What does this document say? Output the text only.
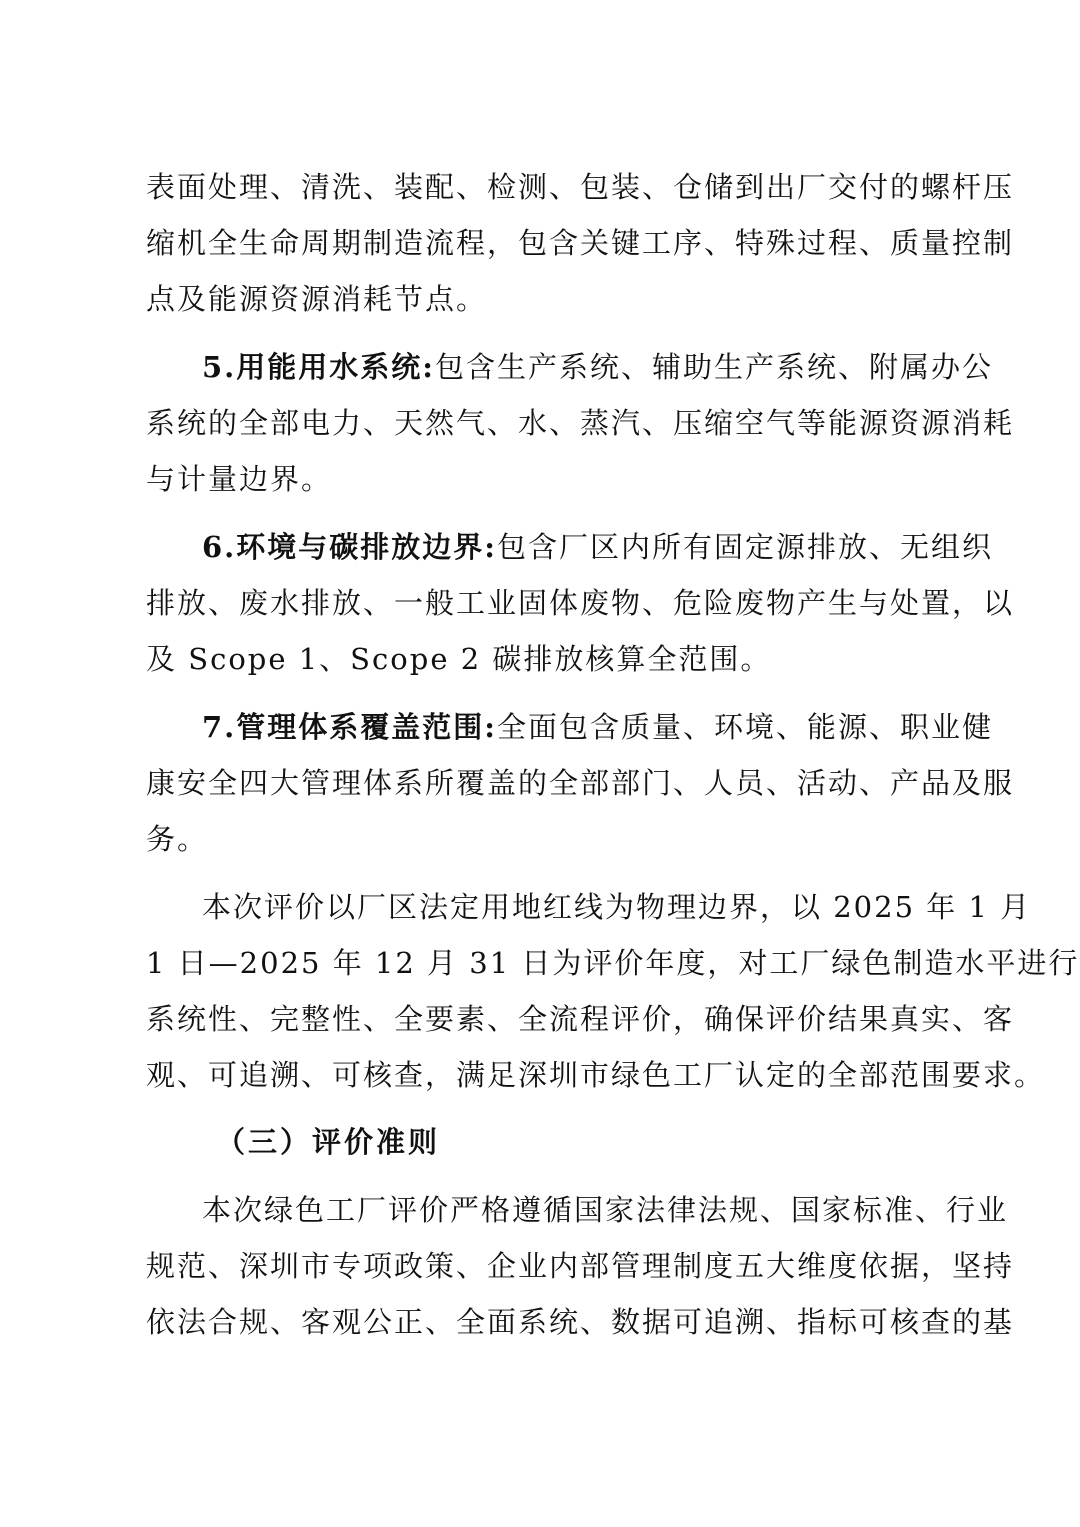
表面处理、清洗、装配、检测、包装、仓储到出厂交付的螺杆压
缩机全生命周期制造流程，包含关键工序、特殊过程、质量控制
点及能源资源消耗节点。
5.用能用水系统:包含生产系统、辅助生产系统、附属办公
系统的全部电力、天然气、水、蒸汽、压缩空气等能源资源消耗
与计量边界。
6.环境与碳排放边界:包含厂区内所有固定源排放、无组织
排放、废水排放、一般工业固体废物、危险废物产生与处置，以
及 Scope 1、Scope 2 碳排放核算全范围。
7.管理体系覆盖范围:全面包含质量、环境、能源、职业健
康安全四大管理体系所覆盖的全部部门、人员、活动、产品及服
务。
本次评价以厂区法定用地红线为物理边界，以 2025 年 1 月
1 日—2025 年 12 月 31 日为评价年度，对工厂绿色制造水平进行
系统性、完整性、全要素、全流程评价，确保评价结果真实、客
观、可追溯、可核查，满足深圳市绿色工厂认定的全部范围要求。
（三）评价准则
本次绿色工厂评价严格遵循国家法律法规、国家标准、行业
规范、深圳市专项政策、企业内部管理制度五大维度依据，坚持
依法合规、客观公正、全面系统、数据可追溯、指标可核查的基
